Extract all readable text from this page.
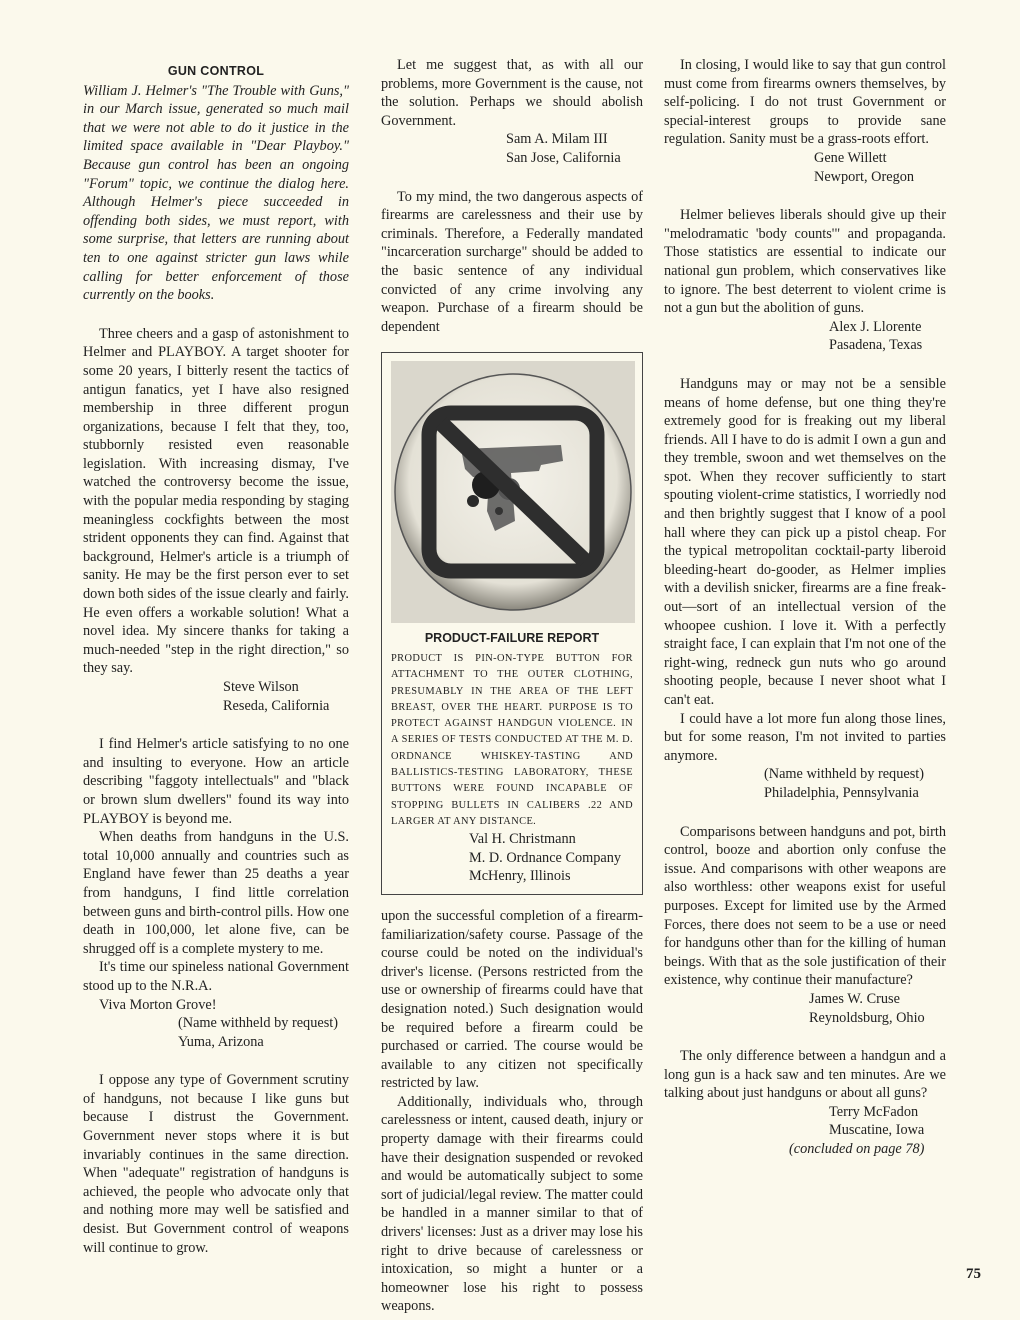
GUN CONTROL

William J. Helmer's "The Trouble with Guns," in our March issue, generated so much mail that we were not able to do it justice in the limited space available in "Dear Playboy." Because gun control has been an ongoing "Forum" topic, we continue the dialog here. Although Helmer's piece succeeded in offending both sides, we must report, with some surprise, that letters are running about ten to one against stricter gun laws while calling for better enforcement of those currently on the books.

Three cheers and a gasp of astonishment to Helmer and PLAYBOY. A target shooter for some 20 years, I bitterly resent the tactics of antigun fanatics, yet I have also resigned membership in three different progun organizations, because I felt that they, too, stubbornly resisted even reasonable legislation. With increasing dismay, I've watched the controversy become the issue, with the popular media responding by staging meaningless cockfights between the most strident opponents they can find. Against that background, Helmer's article is a triumph of sanity. He may be the first person ever to set down both sides of the issue clearly and fairly. He even offers a workable solution! What a novel idea. My sincere thanks for taking a much-needed "step in the right direction," so they say.

Steve Wilson
Reseda, California

I find Helmer's article satisfying to no one and insulting to everyone. How an article describing "faggoty intellectuals" and "black or brown slum dwellers" found its way into PLAYBOY is beyond me.

When deaths from handguns in the U.S. total 10,000 annually and countries such as England have fewer than 25 deaths a year from handguns, I find little correlation between guns and birth-control pills. How one death in 100,000, let alone five, can be shrugged off is a complete mystery to me.

It's time our spineless national Government stood up to the N.R.A.

Viva Morton Grove!

(Name withheld by request)
Yuma, Arizona

I oppose any type of Government scrutiny of handguns, not because I like guns but because I distrust the Government. Government never stops where it is but invariably continues in the same direction. When "adequate" registration of handguns is achieved, the people who advocate only that and nothing more may well be satisfied and desist. But Government control of weapons will continue to grow.

Let me suggest that, as with all our problems, more Government is the cause, not the solution. Perhaps we should abolish Government.

Sam A. Milam III
San Jose, California

To my mind, the two dangerous aspects of firearms are carelessness and their use by criminals. Therefore, a Federally mandated "incarceration surcharge" should be added to the basic sentence of any individual convicted of any crime involving any weapon. Purchase of a firearm should be dependent

PRODUCT-FAILURE REPORT
PRODUCT IS PIN-ON-TYPE BUTTON FOR ATTACHMENT TO THE OUTER CLOTHING, PRESUMABLY IN THE AREA OF THE LEFT BREAST, OVER THE HEART. PURPOSE IS TO PROTECT AGAINST HANDGUN VIOLENCE. IN A SERIES OF TESTS CONDUCTED AT THE M. D. ORDNANCE WHISKEY-TASTING AND BALLISTICS-TESTING LABORATORY, THESE BUTTONS WERE FOUND INCAPABLE OF STOPPING BULLETS IN CALIBERS .22 AND LARGER AT ANY DISTANCE.
Val H. Christmann
M. D. Ordnance Company
McHenry, Illinois

upon the successful completion of a firearm-familiarization/safety course. Passage of the course could be noted on the individual's driver's license. (Persons restricted from the use or ownership of firearms could have that designation noted.) Such designation would be required before a firearm could be purchased or carried. The course would be available to any citizen not specifically restricted by law.

Additionally, individuals who, through carelessness or intent, caused death, injury or property damage with their firearms could have their designation suspended or revoked and would be automatically subject to some sort of judicial/legal review. The matter could be handled in a manner similar to that of drivers' licenses: Just as a driver may lose his right to drive because of carelessness or intoxication, so might a hunter or a homeowner lose his right to possess weapons.

In closing, I would like to say that gun control must come from firearms owners themselves, by self-policing. I do not trust Government or special-interest groups to provide sane regulation. Sanity must be a grass-roots effort.

Gene Willett
Newport, Oregon

Helmer believes liberals should give up their "melodramatic 'body counts'" and propaganda. Those statistics are essential to indicate our national gun problem, which conservatives like to ignore. The best deterrent to violent crime is not a gun but the abolition of guns.

Alex J. Llorente
Pasadena, Texas

Handguns may or may not be a sensible means of home defense, but one thing they're extremely good for is freaking out my liberal friends. All I have to do is admit I own a gun and they tremble, swoon and wet themselves on the spot. When they recover sufficiently to start spouting violent-crime statistics, I worriedly nod and then brightly suggest that I know of a pool hall where they can pick up a pistol cheap. For the typical metropolitan cocktail-party liberoid bleeding-heart do-gooder, as Helmer implies with a devilish snicker, firearms are a fine freak-out—sort of an intellectual version of the whoopee cushion. I love it. With a perfectly straight face, I can explain that I'm not one of the right-wing, redneck gun nuts who go around shooting people, because I never shoot what I can't eat.

I could have a lot more fun along those lines, but for some reason, I'm not invited to parties anymore.

(Name withheld by request)
Philadelphia, Pennsylvania

Comparisons between handguns and pot, birth control, booze and abortion only confuse the issue. And comparisons with other weapons are also worthless: other weapons exist for useful purposes. Except for limited use by the Armed Forces, there does not seem to be a use or need for handguns other than for the killing of human beings. With that as the sole justification of their existence, why continue their manufacture?

James W. Cruse
Reynoldsburg, Ohio

The only difference between a handgun and a long gun is a hack saw and ten minutes. Are we talking about just handguns or about all guns?

Terry McFadon
Muscatine, Iowa
(concluded on page 78)
75
